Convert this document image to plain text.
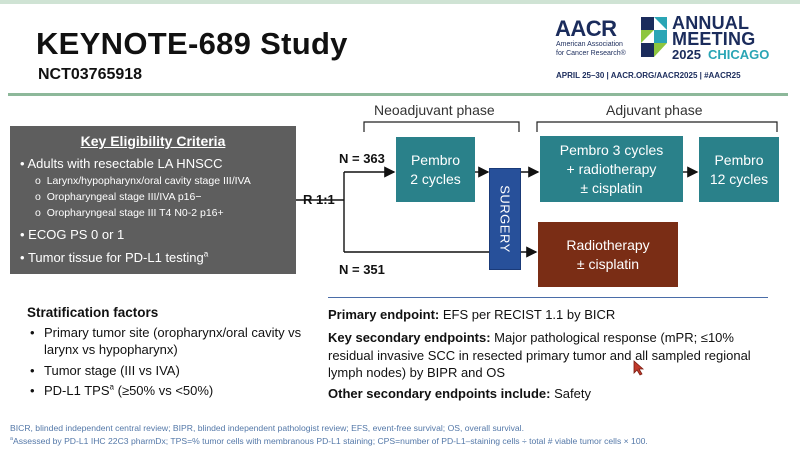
KEYNOTE-689 Study
NCT03765918
AACR
American Association for Cancer Research®
ANNUAL
MEETING
2025 CHICAGO
APRIL 25–30 | AACR.ORG/AACR2025 | #AACR25
Key Eligibility Criteria
• Adults with resectable LA HNSCC
o  Larynx/hypopharynx/oral cavity stage III/IVA
o  Oropharyngeal stage III/IVA p16−
o  Oropharyngeal stage III T4 N0-2 p16+
• ECOG PS 0 or 1
• Tumor tissue for PD-L1 testing$^a$
Neoadjuvant phase	Adjuvant phase
R 1:1
N = 363
N = 351
Pembro
2 cycles
SURGERY
Pembro 3 cycles
+ radiotherapy
± cisplatin
Pembro
12 cycles
Radiotherapy
± cisplatin
Stratification factors
• Primary tumor site (oropharynx/oral cavity vs larynx vs hypopharynx)
• Tumor stage (III vs IVA)
• PD-L1 TPS$^a$ (≥50% vs <50%)
Primary endpoint: EFS per RECIST 1.1 by BICR
Key secondary endpoints: Major pathological response (mPR; ≤10% residual invasive SCC in resected primary tumor and all sampled regional lymph nodes) by BIPR and OS
Other secondary endpoints include: Safety
BICR, blinded independent central review; BIPR, blinded independent pathologist review; EFS, event-free survival; OS, overall survival.
$^a$Assessed by PD-L1 IHC 22C3 pharmDx; TPS=% tumor cells with membranous PD-L1 staining; CPS=number of PD-L1–staining cells ÷ total # viable tumor cells × 100.
